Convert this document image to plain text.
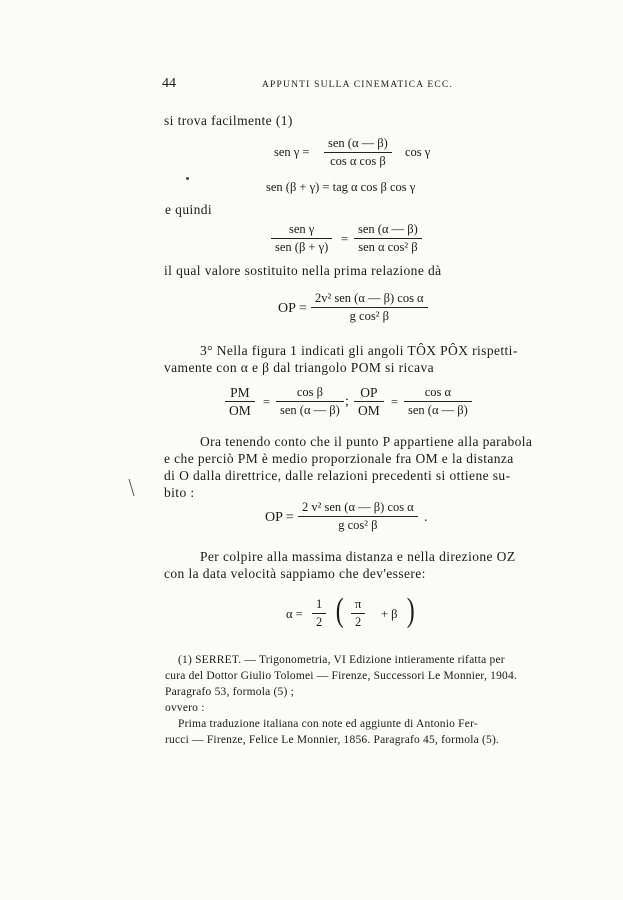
44	APPUNTI SULLA CINEMATICA ECC.
si trova facilmente (1)
sen γ =
sen (α — β)
cos α cos β
cos γ
sen (β + γ) = tag α cos β cos γ
e quindi
sen γ
sen (β + γ)
=
sen (α — β)
sen α cos² β
il qual valore sostituito nella prima relazione dà
OP =
2v² sen (α — β) cos α
g cos² β
3° Nella figura 1 indicati gli angoli TÔX PÔX rispetti-
vamente con α e β dal triangolo POM si ricava
PM
OM
=
cos β
sen (α — β)
;
OP
OM
=
cos α
sen (α — β)
Ora tenendo conto che il punto P appartiene alla parabola
e che perciò PM è medio proporzionale fra OM e la distanza
di O dalla direttrice, dalle relazioni precedenti si ottiene su-
bito :
OP =
2 v² sen (α — β) cos α
g cos² β	.
Per colpire alla massima distanza e nella direzione OZ
con la data velocità sappiamo che dev'essere:
α =
1
2 ( π
2
+ β )
(1) SERRET. — Trigonometria, VI Edizione intieramente rifatta per
cura del Dottor Giulio Tolomei — Firenze, Successori Le Monnier, 1904.
Paragrafo 53, formola (5) ;
ovvero :
Prima traduzione italiana con note ed aggiunte di Antonio Fer-
rucci — Firenze, Felice Le Monnier, 1856. Paragrafo 45, formola (5).
